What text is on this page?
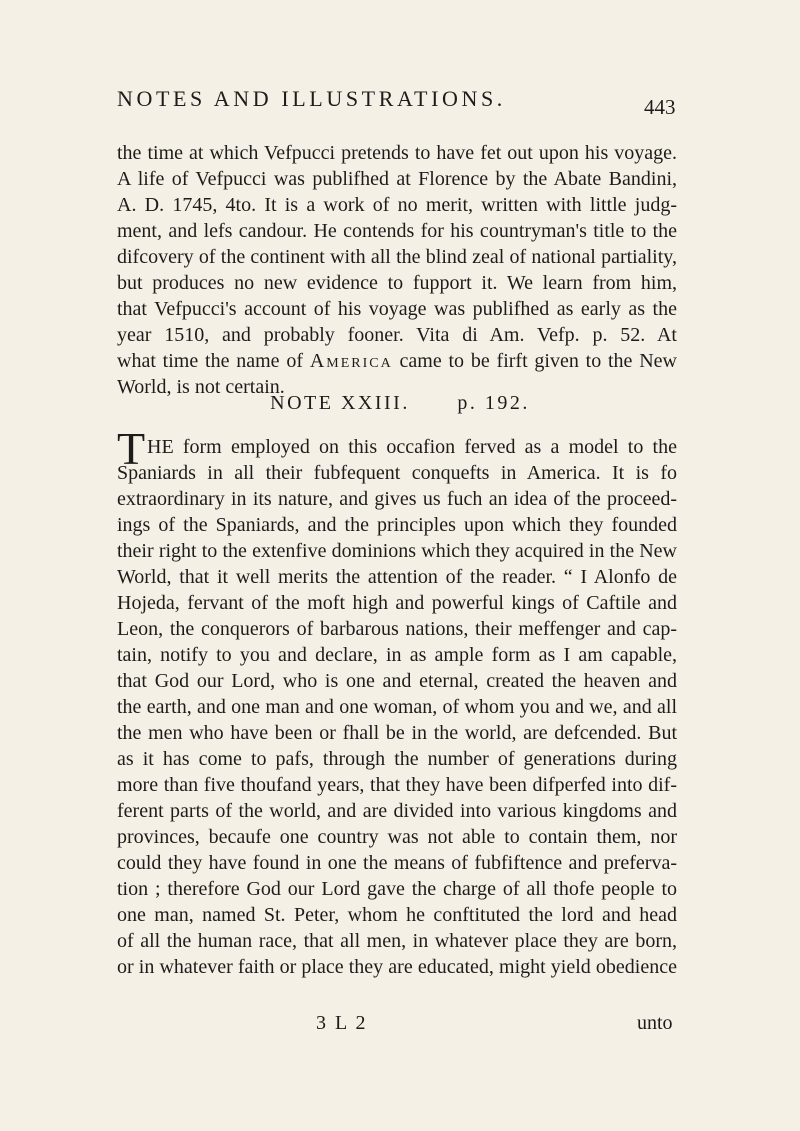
NOTES AND ILLUSTRATIONS.	443
the time at which Vefpucci pretends to have fet out upon his voyage.
A life of Vefpucci was publifhed at Florence by the Abate Bandini,
A. D. 1745, 4to. It is a work of no merit, written with little judg-
ment, and lefs candour. He contends for his countryman's title to the
difcovery of the continent with all the blind zeal of national partiality,
but produces no new evidence to fupport it. We learn from him,
that Vefpucci's account of his voyage was publifhed as early as the
year 1510, and probably fooner. Vita di Am. Vefp. p. 52. At
what time the name of America came to be firft given to the New
World, is not certain.
NOTE XXIII. p. 192.
T HE form employed on this occafion ferved as a model to the
Spaniards in all their fubfequent conquefts in America. It is fo
extraordinary in its nature, and gives us fuch an idea of the proceed-
ings of the Spaniards, and the principles upon which they founded
their right to the extenfive dominions which they acquired in the New
World, that it well merits the attention of the reader. “ I Alonfo de
Hojeda, fervant of the moft high and powerful kings of Caftile and
Leon, the conquerors of barbarous nations, their meffenger and cap-
tain, notify to you and declare, in as ample form as I am capable,
that God our Lord, who is one and eternal, created the heaven and
the earth, and one man and one woman, of whom you and we, and all
the men who have been or fhall be in the world, are defcended. But
as it has come to pafs, through the number of generations during
more than five thoufand years, that they have been difperfed into dif-
ferent parts of the world, and are divided into various kingdoms and
provinces, becaufe one country was not able to contain them, nor
could they have found in one the means of fubfiftence and preferva-
tion ; therefore God our Lord gave the charge of all thofe people to
one man, named St. Peter, whom he conftituted the lord and head
of all the human race, that all men, in whatever place they are born,
or in whatever faith or place they are educated, might yield obedience
3 L 2	unto
